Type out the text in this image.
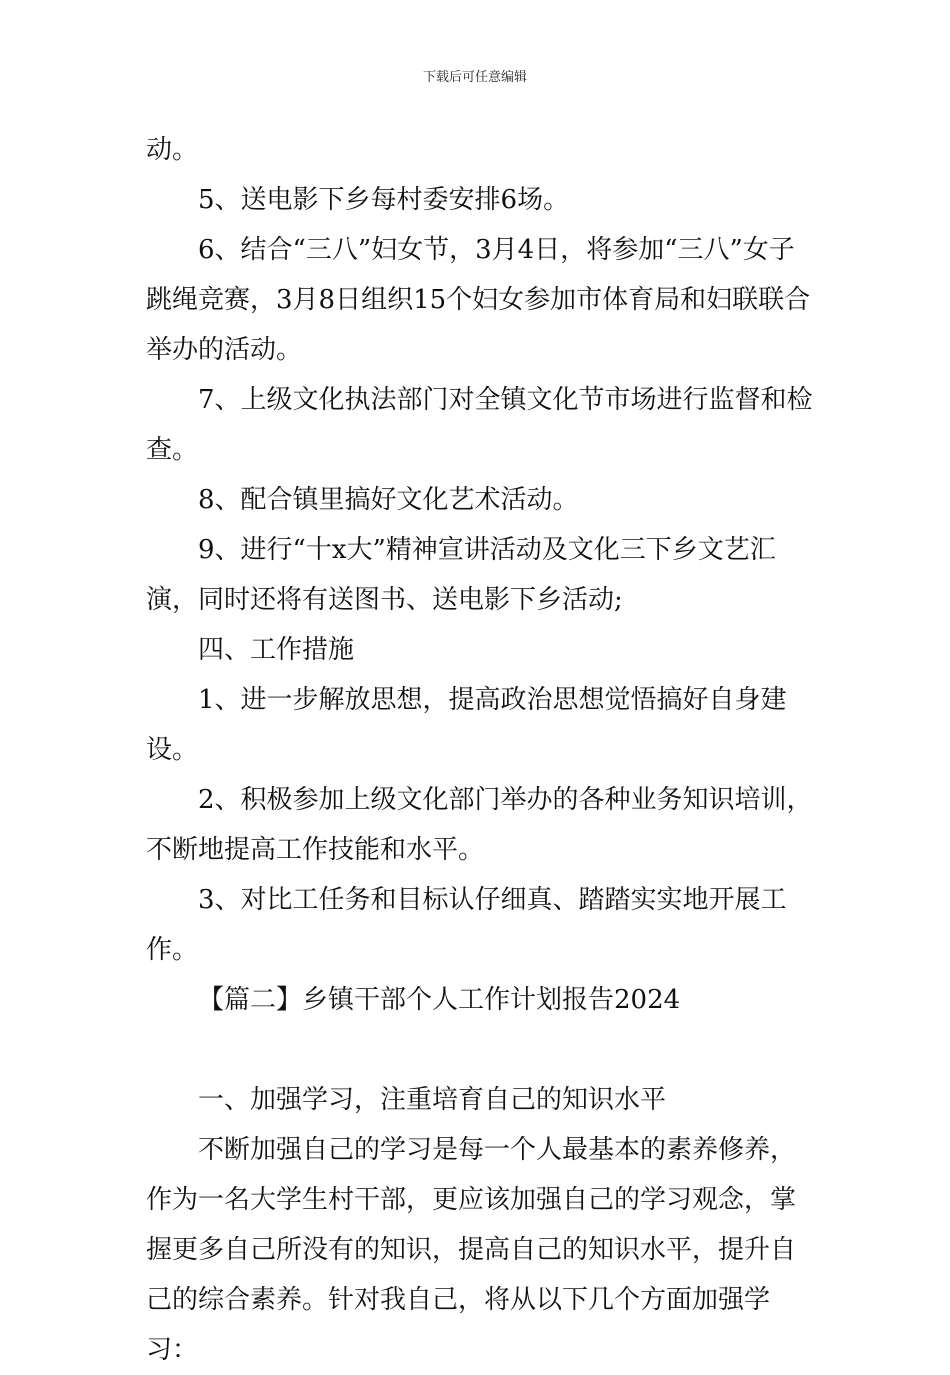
下载后可任意编辑

动。

5、送电影下乡每村委安排6场。

6、结合“三八”妇女节，3月4日，将参加“三八”女子跳绳竞赛，3月8日组织15个妇女参加市体育局和妇联联合举办的活动。

7、上级文化执法部门对全镇文化节市场进行监督和检查。

8、配合镇里搞好文化艺术活动。

9、进行“十x大”精神宣讲活动及文化三下乡文艺汇演，同时还将有送图书、送电影下乡活动;

四、工作措施

1、进一步解放思想，提高政治思想觉悟搞好自身建设。

2、积极参加上级文化部门举办的各种业务知识培训，不断地提高工作技能和水平。

3、对比工任务和目标认仔细真、踏踏实实地开展工作。

【篇二】乡镇干部个人工作计划报告2024

一、加强学习，注重培育自己的知识水平

不断加强自己的学习是每一个人最基本的素养修养，作为一名大学生村干部，更应该加强自己的学习观念，掌握更多自己所没有的知识，提高自己的知识水平，提升自己的综合素养。针对我自己，将从以下几个方面加强学习：
